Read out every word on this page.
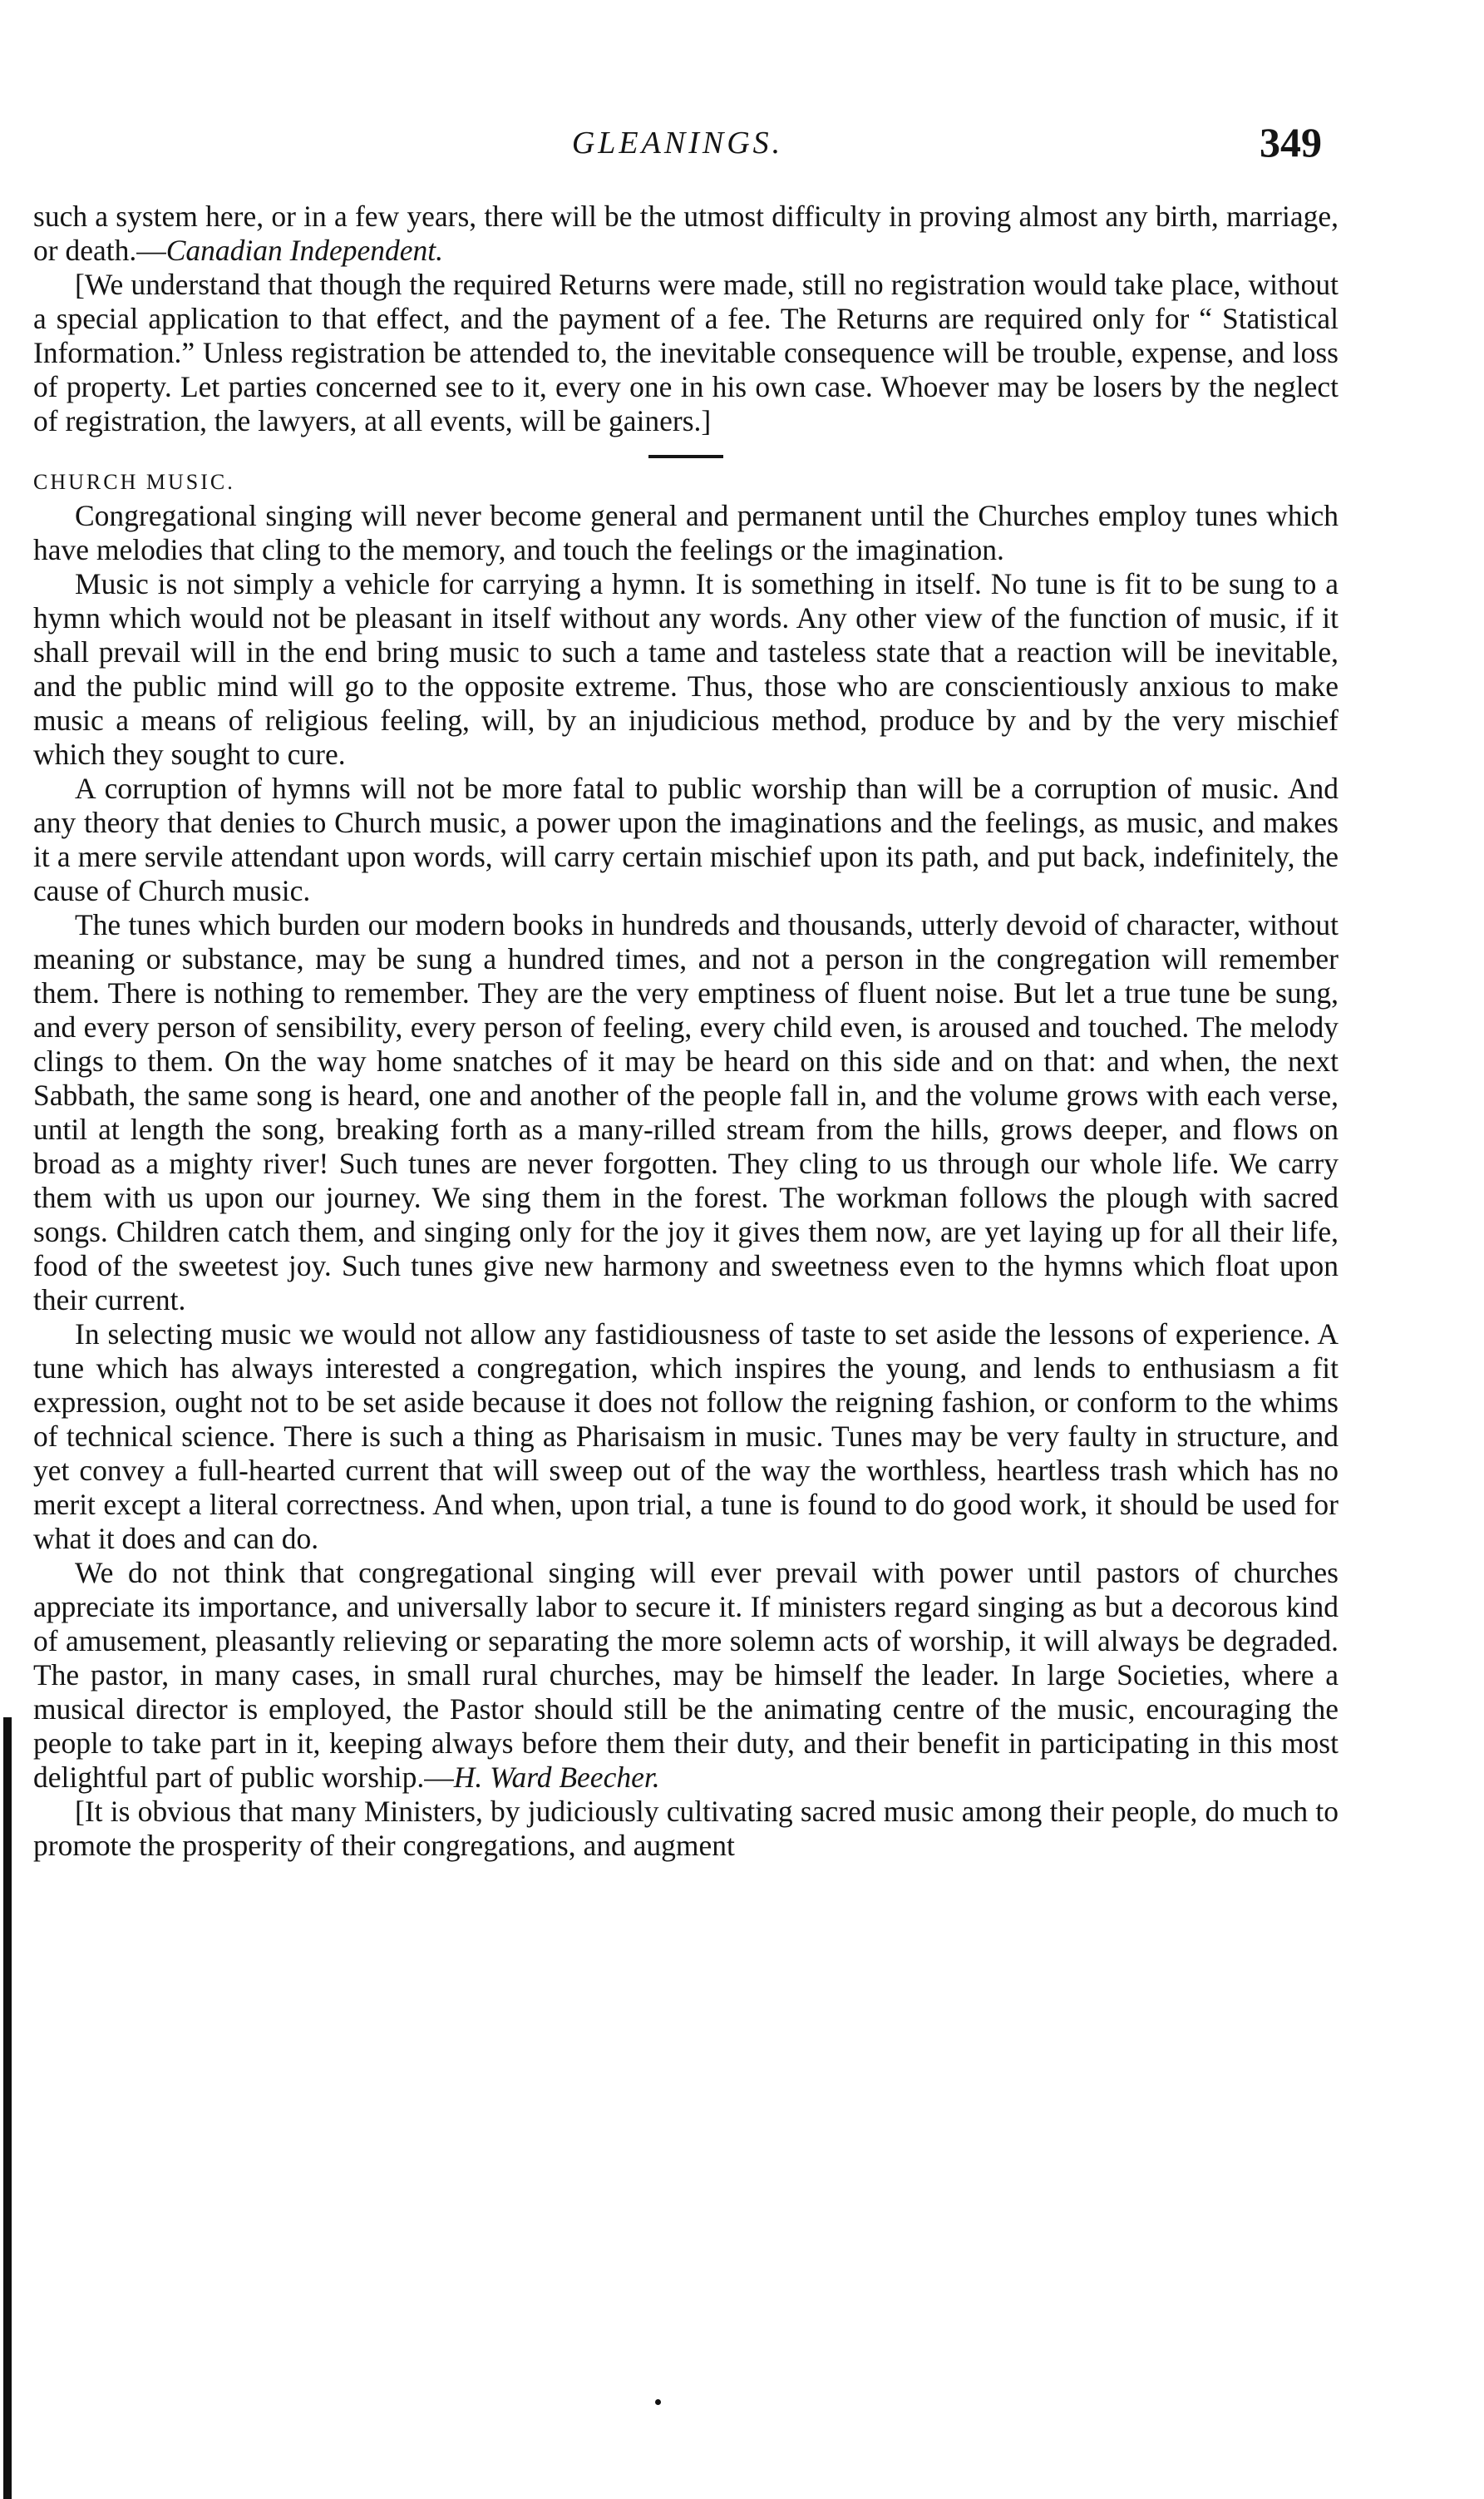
GLEANINGS.	349

such a system here, or in a few years, there will be the utmost difficulty in proving almost any birth, marriage, or death.—Canadian Independent.

[We understand that though the required Returns were made, still no registration would take place, without a special application to that effect, and the payment of a fee. The Returns are required only for “ Statistical Information.” Unless registration be attended to, the inevitable consequence will be trouble, expense, and loss of property. Let parties concerned see to it, every one in his own case. Whoever may be losers by the neglect of registration, the lawyers, at all events, will be gainers.]

CHURCH MUSIC.

Congregational singing will never become general and permanent until the Churches employ tunes which have melodies that cling to the memory, and touch the feelings or the imagination.

Music is not simply a vehicle for carrying a hymn. It is something in itself. No tune is fit to be sung to a hymn which would not be pleasant in itself without any words. Any other view of the function of music, if it shall prevail will in the end bring music to such a tame and tasteless state that a reaction will be inevitable, and the public mind will go to the opposite extreme. Thus, those who are conscientiously anxious to make music a means of religious feeling, will, by an injudicious method, produce by and by the very mischief which they sought to cure.

A corruption of hymns will not be more fatal to public worship than will be a corruption of music. And any theory that denies to Church music, a power upon the imaginations and the feelings, as music, and makes it a mere servile attendant upon words, will carry certain mischief upon its path, and put back, indefinitely, the cause of Church music.

The tunes which burden our modern books in hundreds and thousands, utterly devoid of character, without meaning or substance, may be sung a hundred times, and not a person in the congregation will remember them. There is nothing to remember. They are the very emptiness of fluent noise. But let a true tune be sung, and every person of sensibility, every person of feeling, every child even, is aroused and touched. The melody clings to them. On the way home snatches of it may be heard on this side and on that: and when, the next Sabbath, the same song is heard, one and another of the people fall in, and the volume grows with each verse, until at length the song, breaking forth as a many-rilled stream from the hills, grows deeper, and flows on broad as a mighty river! Such tunes are never forgotten. They cling to us through our whole life. We carry them with us upon our journey. We sing them in the forest. The workman follows the plough with sacred songs. Children catch them, and singing only for the joy it gives them now, are yet laying up for all their life, food of the sweetest joy. Such tunes give new harmony and sweetness even to the hymns which float upon their current.

In selecting music we would not allow any fastidiousness of taste to set aside the lessons of experience. A tune which has always interested a congregation, which inspires the young, and lends to enthusiasm a fit expression, ought not to be set aside because it does not follow the reigning fashion, or conform to the whims of technical science. There is such a thing as Pharisaism in music. Tunes may be very faulty in structure, and yet convey a full-hearted current that will sweep out of the way the worthless, heartless trash which has no merit except a literal correctness. And when, upon trial, a tune is found to do good work, it should be used for what it does and can do.

We do not think that congregational singing will ever prevail with power until pastors of churches appreciate its importance, and universally labor to secure it. If ministers regard singing as but a decorous kind of amusement, pleasantly relieving or separating the more solemn acts of worship, it will always be degraded. The pastor, in many cases, in small rural churches, may be himself the leader. In large Societies, where a musical director is employed, the Pastor should still be the animating centre of the music, encouraging the people to take part in it, keeping always before them their duty, and their benefit in participating in this most delightful part of public worship.—H. Ward Beecher.

[It is obvious that many Ministers, by judiciously cultivating sacred music among their people, do much to promote the prosperity of their congregations, and augment
